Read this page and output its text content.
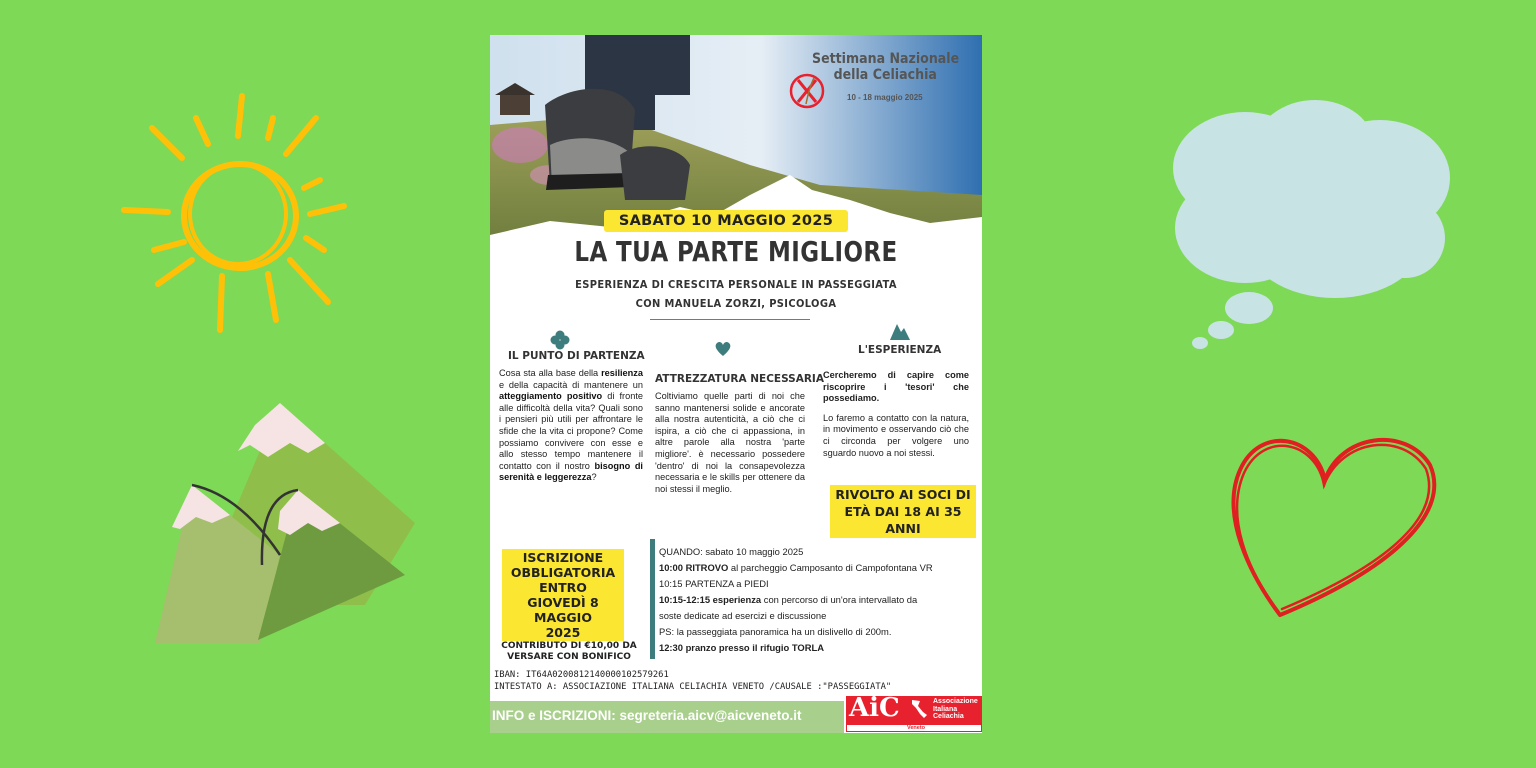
Settimana Nazionale
della Celiachia
10 - 18 maggio 2025
SABATO 10 MAGGIO 2025
LA TUA PARTE MIGLIORE
ESPERIENZA DI CRESCITA PERSONALE IN PASSEGGIATA
CON MANUELA ZORZI, PSICOLOGA
IL PUNTO DI PARTENZA
Cosa sta alla base della resilienza e della capacità di mantenere un atteggiamento positivo di fronte alle difficoltà della vita? Quali sono i pensieri più utili per affrontare le sfide che la vita ci propone? Come possiamo convivere con esse e allo stesso tempo mantenere il contatto con il nostro bisogno di serenità e leggerezza?
ATTREZZATURA NECESSARIA
Coltiviamo quelle parti di noi che sanno mantenersi solide e ancorate alla nostra autenticità, a ciò che ci ispira, a ciò che ci appassiona, in altre parole alla nostra 'parte migliore'. è necessario possedere 'dentro' di noi la consapevolezza necessaria e le skills per ottenere da noi stessi il meglio.
L'ESPERIENZA
Cercheremo di capire come riscoprire i 'tesori' che possediamo.
Lo faremo a contatto con la natura, in movimento e osservando ciò che ci circonda per volgere uno sguardo nuovo a noi stessi.
RIVOLTO AI SOCI DI
ETÀ DAI 18 AI 35 ANNI
ISCRIZIONE
OBBLIGATORIA
ENTRO
GIOVEDÌ 8 MAGGIO
2025
CONTRIBUTO DI €10,00 DA
VERSARE CON BONIFICO
QUANDO: sabato 10 maggio 2025
10:00 RITROVO al parcheggio Camposanto di Campofontana VR
10:15 PARTENZA a PIEDI
10:15-12:15 esperienza con percorso di un'ora intervallato da
soste dedicate ad esercizi e discussione
PS: la passeggiata panoramica ha un dislivello di 200m.
12:30 pranzo presso il rifugio TORLA
IBAN: IT64A0200812140000102579261
INTESTATO A: ASSOCIAZIONE ITALIANA CELIACHIA VENETO /CAUSALE :"PASSEGGIATA"
INFO e ISCRIZIONI: segreteria.aicv@aicveneto.it AiC	Associazione
Italiana
Celiachia
Veneto
